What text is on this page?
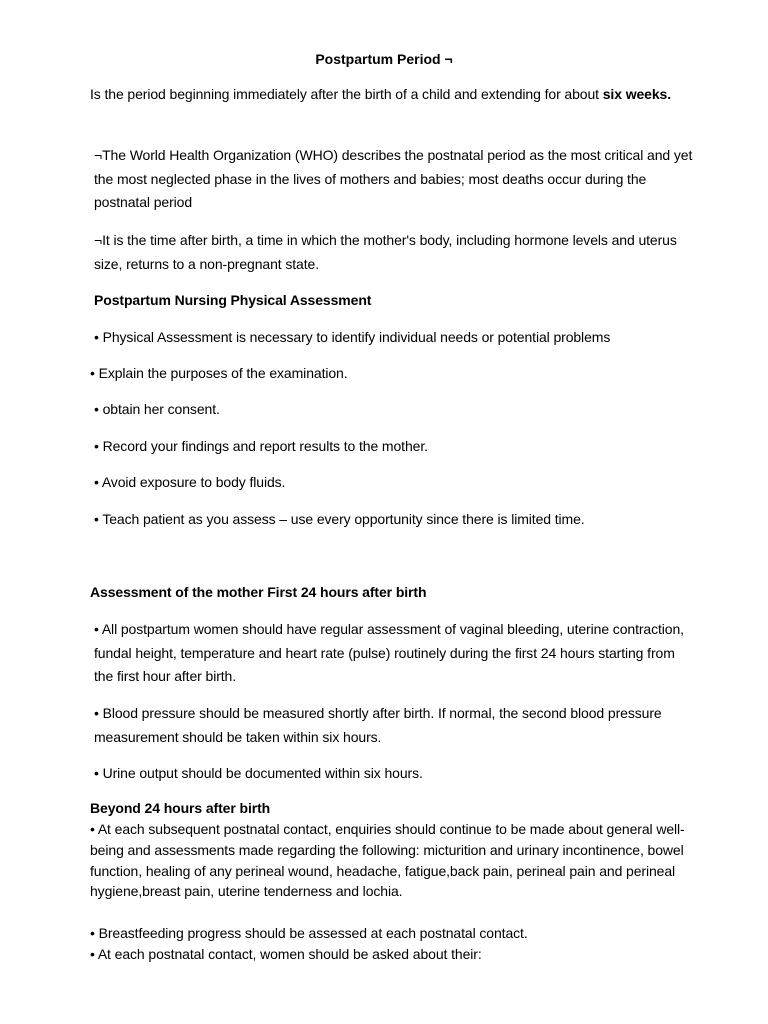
Postpartum Period ¬

Is the period beginning immediately after the birth of a child and extending for about six weeks.

¬The World Health Organization (WHO) describes the postnatal period as the most critical and yet the most neglected phase in the lives of mothers and babies; most deaths occur during the postnatal period

¬It is the time after birth, a time in which the mother's body, including hormone levels and uterus size, returns to a non-pregnant state.

Postpartum Nursing Physical Assessment

• Physical Assessment is necessary to identify individual needs or potential problems

• Explain the purposes of the examination.

• obtain her consent.

• Record your findings and report results to the mother.

• Avoid exposure to body fluids.

• Teach patient as you assess – use every opportunity since there is limited time.

Assessment of the mother First 24 hours after birth

• All postpartum women should have regular assessment of vaginal bleeding, uterine contraction, fundal height, temperature and heart rate (pulse) routinely during the first 24 hours starting from the first hour after birth.

• Blood pressure should be measured shortly after birth. If normal, the second blood pressure measurement should be taken within six hours.

• Urine output should be documented within six hours.

Beyond 24 hours after birth

• At each subsequent postnatal contact, enquiries should continue to be made about general well-being and assessments made regarding the following: micturition and urinary incontinence, bowel function, healing of any perineal wound, headache, fatigue,back pain, perineal pain and perineal hygiene,breast pain, uterine tenderness and lochia.

• Breastfeeding progress should be assessed at each postnatal contact.

• At each postnatal contact, women should be asked about their:
